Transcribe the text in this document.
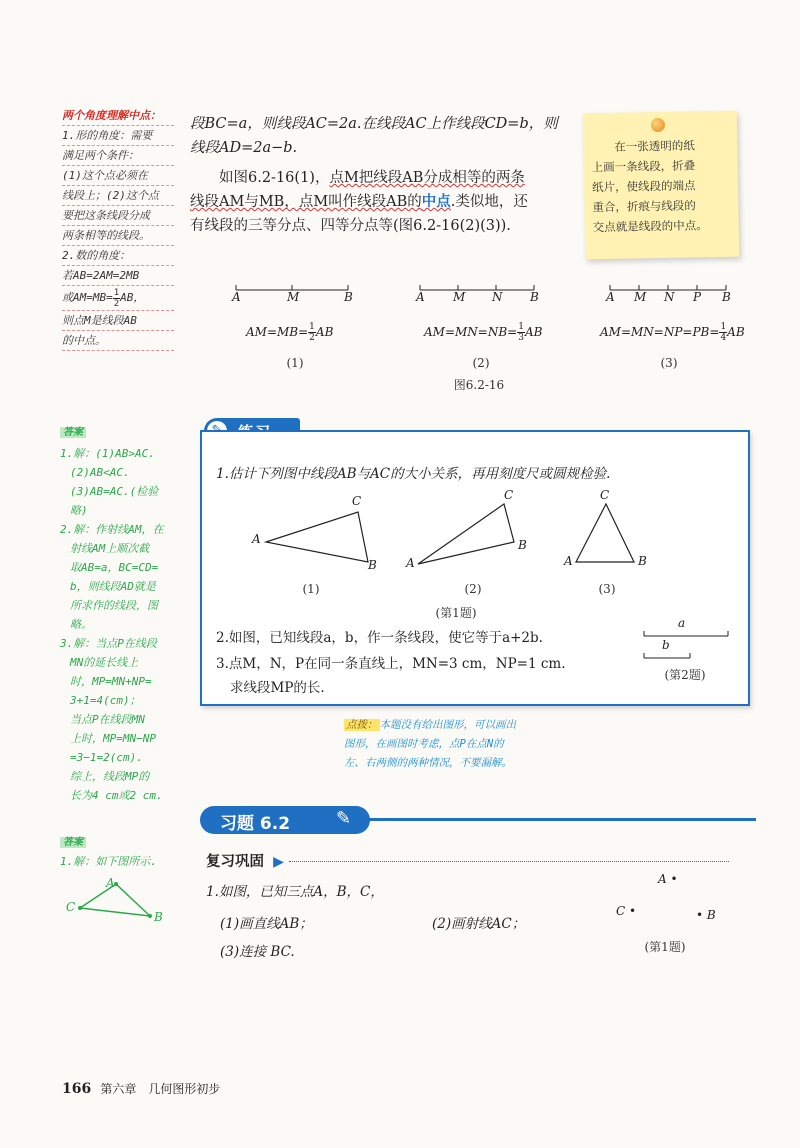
两个角度理解中点：
1.形的角度：需要
满足两个条件：
(1)这个点必须在
线段上；(2)这个点
要把这条线段分成
两条相等的线段。
2.数的角度：
若AB=2AM=2MB
或$AM=MB= \frac{1}{2}$ AB，
则点M是线段AB
的中点。
段BC=a，则线段AC=2a.在线段AC上作线段CD=b，则
线段AD=2a−b.
如图6.2-16(1)，点M把线段AB分成相等的两条
线段AM与MB，点M叫作线段AB的中点.类似地，还
有线段的三等分点、四等分点等(图6.2-16(2)(3)).
在一张透明的纸
上画一条线段，折叠
纸片，使线段的端点
重合，折痕与线段的
交点就是线段的中点。
A	M	B	A M N B	A M N P B
$AM=MB= \frac{1}{2}$ AB	$AM=MN=NB= \frac{1}{3}$ AB	$AM=MN=NP=PB= \frac{1}{4}$ AB
(1)	(2)	(3)
图6.2-16
答案
1.解：(1)AB>AC.
(2)AB<AC.
(3)AB=AC.(检验
略)
2.解：作射线AM，在
射线AM上顺次截
取AB=a，BC=CD=
b，则线段AD就是
所求作的线段，图
略。
3.解：当点P在线段
MN的延长线上
时，MP=MN+NP=
3+1=4(cm)；
当点P在线段MN
上时，MP=MN−NP
=3−1=2(cm).
综上，线段MP的
长为4 cm或2 cm.
1.估计下列图中线段AB与AC的大小关系，再用刻度尺或圆规检验.
A
B
C
A
B
C
A	B
C
(1)	(2)	(3)
(第1题)
2.如图，已知线段a，b，作一条线段，使它等于a+2b.
3.点M，N，P在同一条直线上，MN=3 cm，NP=1 cm.
求线段MP的长.
a
b
(第2题)
点拨： 本题没有给出图形，可以画出
图形，在画图时考虑，点P在点N的
左、右两侧的两种情况，不要漏解。
习题 6.2	✎
复习巩固 ▶
1.如图，已知三点A，B，C，
(1)画直线AB；	(2)画射线AC；
(3)连接 BC.
A •
C •	• B
(第1题)
答案
1.解：如下图所示.
A
C
B
166 第六章　几何图形初步
